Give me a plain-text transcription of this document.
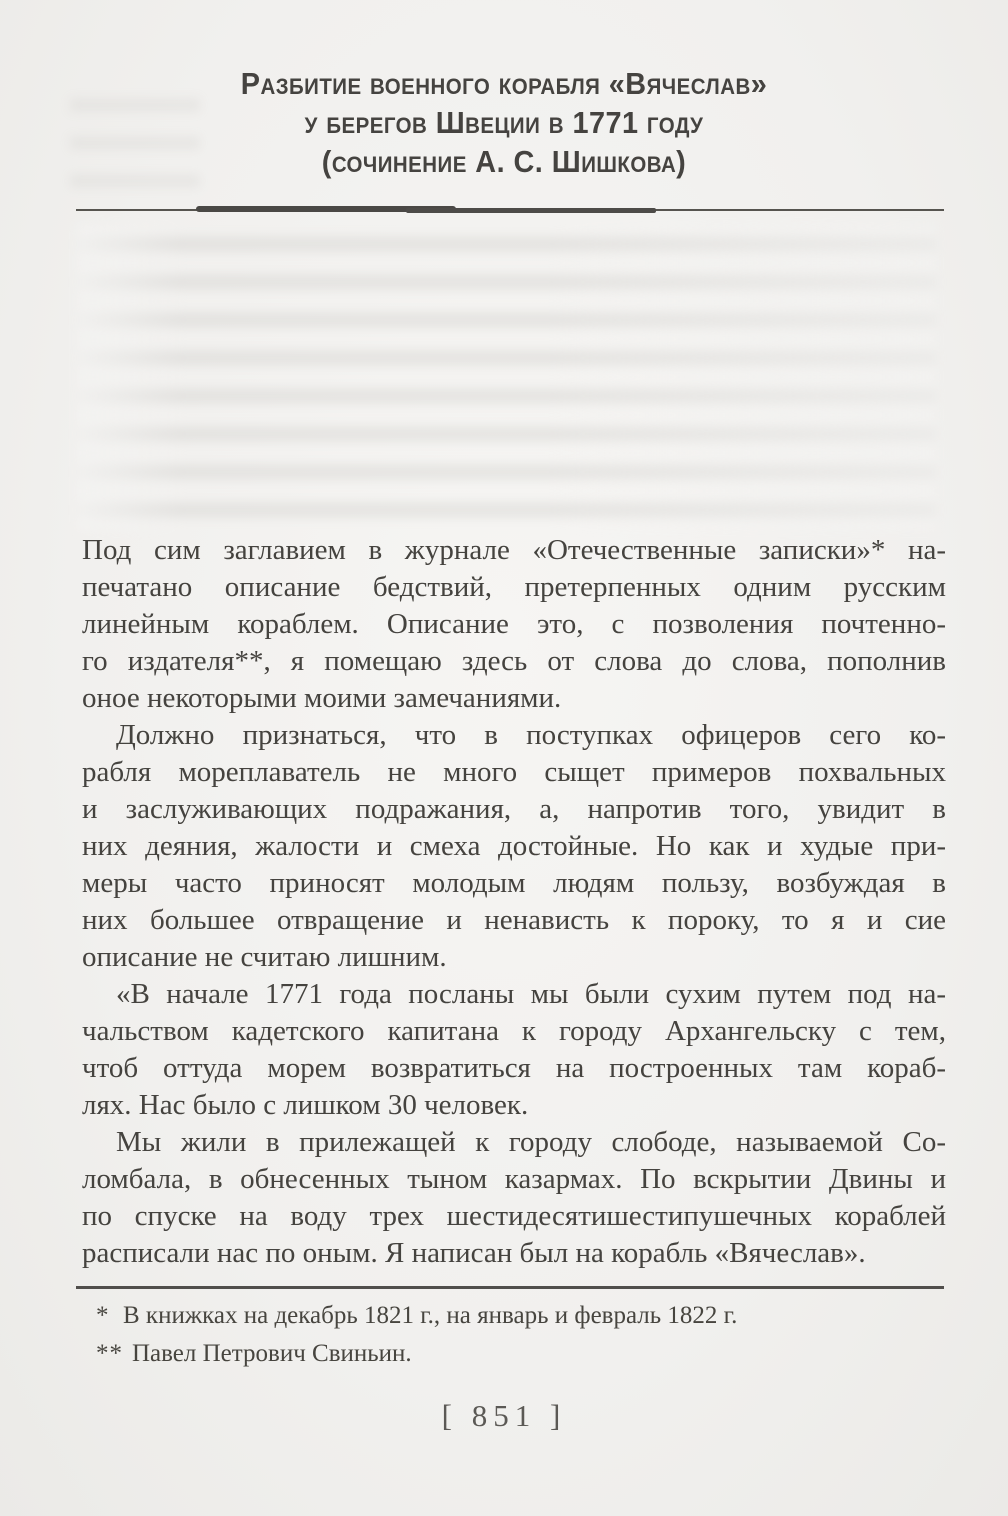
Разбитие военного корабля «Вячеслав»
у берегов Швеции в 1771 году
(сочинение А. С. Шишкова)

Под сим заглавием в журнале «Отечественные записки»* на-
печатано описание бедствий, претерпенных одним русским
линейным кораблем. Описание это, с позволения почтенно-
го издателя**, я помещаю здесь от слова до слова, пополнив
оное некоторыми моими замечаниями.

Должно признаться, что в поступках офицеров сего ко-
рабля мореплаватель не много сыщет примеров похвальных
и заслуживающих подражания, а, напротив того, увидит в
них деяния, жалости и смеха достойные. Но как и худые при-
меры часто приносят молодым людям пользу, возбуждая в
них большее отвращение и ненависть к пороку, то я и сие
описание не считаю лишним.

«В начале 1771 года посланы мы были сухим путем под на-
чальством кадетского капитана к городу Архангельску с тем,
чтоб оттуда морем возвратиться на построенных там кораб-
лях. Нас было с лишком 30 человек.

Мы жили в прилежащей к городу слободе, называемой Со-
ломбала, в обнесенных тыном казармах. По вскрытии Двины и
по спуске на воду трех шестидесятишестипушечных кораблей
расписали нас по оным. Я написан был на корабль «Вячеслав».

* В книжках на декабрь 1821 г., на январь и февраль 1822 г.
** Павел Петрович Свиньин.
[ 851 ]
